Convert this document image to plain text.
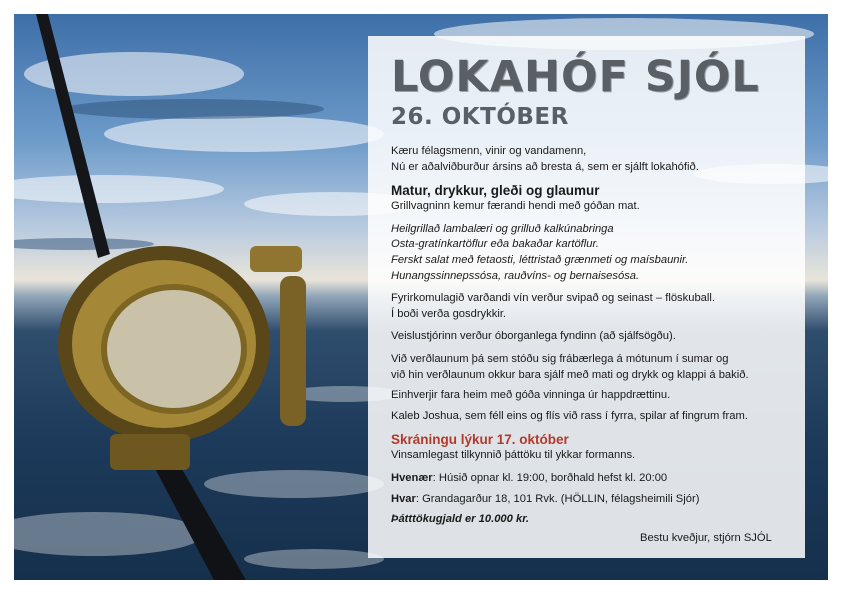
LOKAHÓF SJÓL
26. OKTÓBER

Kæru félagsmenn, vinir og vandamenn,

Nú er aðalviðburður ársins að bresta á, sem er sjálft lokahófið.

Matur, drykkur, gleði og glaumur

Grillvagninn kemur færandi hendi með góðan mat.

Heilgrillað lambalæri og grilluð kalkúnabringa

Osta-gratínkartöflur eða bakaðar kartöflur.

Ferskt salat með fetaosti, léttristað grænmeti og maísbaunir.

Hunangssinnepssósa, rauðvíns- og bernaisesósa.

Fyrirkomulagið varðandi vín verður svipað og seinast – flöskuball.

Í boði verða gosdrykkir.

Veislustjórinn verður óborganlega fyndinn (að sjálfsögðu).

Við verðlaunum þá sem stóðu sig frábærlega á mótunum í sumar og

við hin verðlaunum okkur bara sjálf með mati og drykk og klappi á bakið.

Einhverjir fara heim með góða vinninga úr happdrættinu.

Kaleb Joshua, sem féll eins og flís við rass í fyrra, spilar af fingrum fram.

Skráningu lýkur 17. október

Vinsamlegast tilkynnið þáttöku til ykkar formanns.

Hvenær: Húsið opnar kl. 19:00, borðhald hefst kl. 20:00

Hvar: Grandagarður 18, 101 Rvk. (HÖLLIN, félagsheimili Sjór)

Þátttökugjald er 10.000 kr.

Bestu kveðjur, stjórn SJÓL
